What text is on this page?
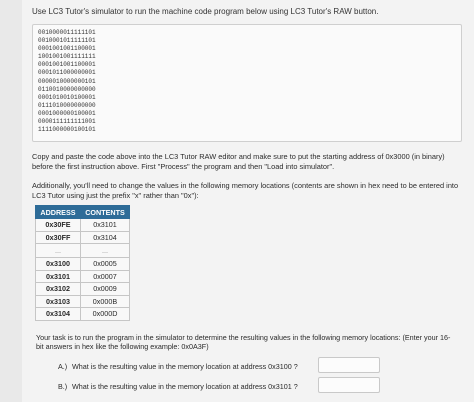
Use LC3 Tutor's simulator to run the machine code program below using LC3 Tutor's RAW button.
0010000011111101
0010001011111101
0001001001100001
1001001001111111
0001001001100001
0001011000000001
0000010000000101
0110010000000000
0001010010100001
0111010000000000
0001000000100001
0000111111111001
1111000000100101
Copy and paste the code above into the LC3 Tutor RAW editor and make sure to put the starting address of 0x3000 (in binary) before the first instruction above. First "Process" the program and then "Load into simulator".
Additionally, you'll need to change the values in the following memory locations (contents are shown in hex need to be entered into LC3 Tutor using just the prefix "x" rather than "0x"):
ADDRESS	CONTENTS
0x30FE	0x3101
0x30FF	0x3104
...	...
0x3100	0x0005
0x3101	0x0007
0x3102	0x0009
0x3103	0x000B
0x3104	0x000D
Your task is to run the program in the simulator to determine the resulting values in the following memory locations: (Enter your 16-bit answers in hex like the following example: 0x0A3F)
A.) What is the resulting value in the memory location at address 0x3100 ?
B.) What is the resulting value in the memory location at address 0x3101 ?
